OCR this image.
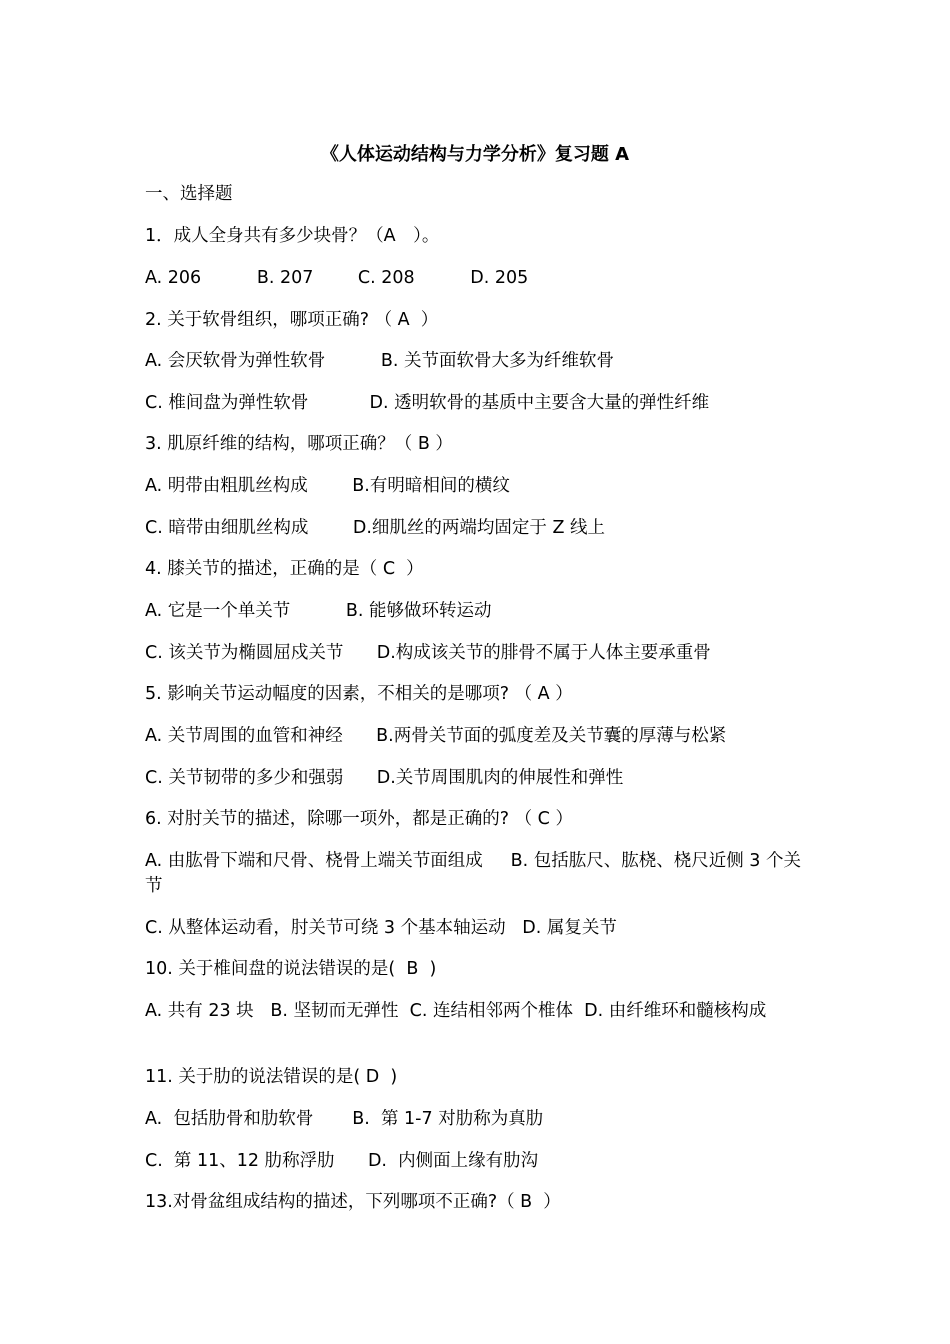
《人体运动结构与力学分析》复习题 A
一、选择题
1．成人全身共有多少块骨？（A　）。
A. 206          B. 207        C. 208          D. 205
2. 关于软骨组织，哪项正确? （ A  ）
A. 会厌软骨为弹性软骨          B. 关节面软骨大多为纤维软骨
C. 椎间盘为弹性软骨           D. 透明软骨的基质中主要含大量的弹性纤维
3. 肌原纤维的结构，哪项正确？（ B ）
A. 明带由粗肌丝构成        B.有明暗相间的横纹
C. 暗带由细肌丝构成        D.细肌丝的两端均固定于 Z 线上
4. 膝关节的描述，正确的是（ C  ）
A. 它是一个单关节          B. 能够做环转运动
C. 该关节为椭圆屈戍关节      D.构成该关节的腓骨不属于人体主要承重骨
5. 影响关节运动幅度的因素，不相关的是哪项? （ A ）
A. 关节周围的血管和神经      B.两骨关节面的弧度差及关节囊的厚薄与松紧
C. 关节韧带的多少和强弱      D.关节周围肌肉的伸展性和弹性
6. 对肘关节的描述，除哪一项外，都是正确的? （ C ）
A. 由肱骨下端和尺骨、桡骨上端关节面组成     B. 包括肱尺、肱桡、桡尺近侧 3 个关节
C. 从整体运动看，肘关节可绕 3 个基本轴运动   D. 属复关节
10. 关于椎间盘的说法错误的是(  B  )
A. 共有 23 块   B. 坚韧而无弹性  C. 连结相邻两个椎体  D. 由纤维环和髓核构成
11. 关于肋的说法错误的是( D  )
A.  包括肋骨和肋软骨       B.  第 1-7 对肋称为真肋
C.  第 11、12 肋称浮肋      D.  内侧面上缘有肋沟
13.对骨盆组成结构的描述，下列哪项不正确?（ B  ）
